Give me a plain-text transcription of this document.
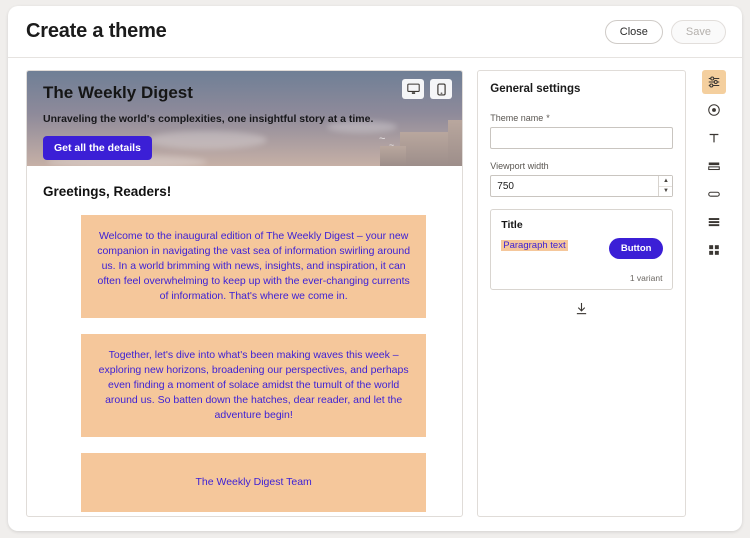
Create a theme	Close	Save
~ ~
The Weekly Digest
Unraveling the world's complexities, one insightful story at a time.
Get all the details
Greetings, Readers!
Welcome to the inaugural edition of The Weekly Digest – your new companion in navigating the vast sea of information swirling around us. In a world brimming with news, insights, and inspiration, it can often feel overwhelming to keep up with the ever-changing currents of information. That's where we come in.
Together, let's dive into what's been making waves this week – exploring new horizons, broadening our perspectives, and perhaps even finding a moment of solace amidst the tumult of the world around us. So batten down the hatches, dear reader, and let the adventure begin!
The Weekly Digest Team
General settings
Theme name *
Viewport width
750
▲
▼
Title
Paragraph text	Button
1 variant
